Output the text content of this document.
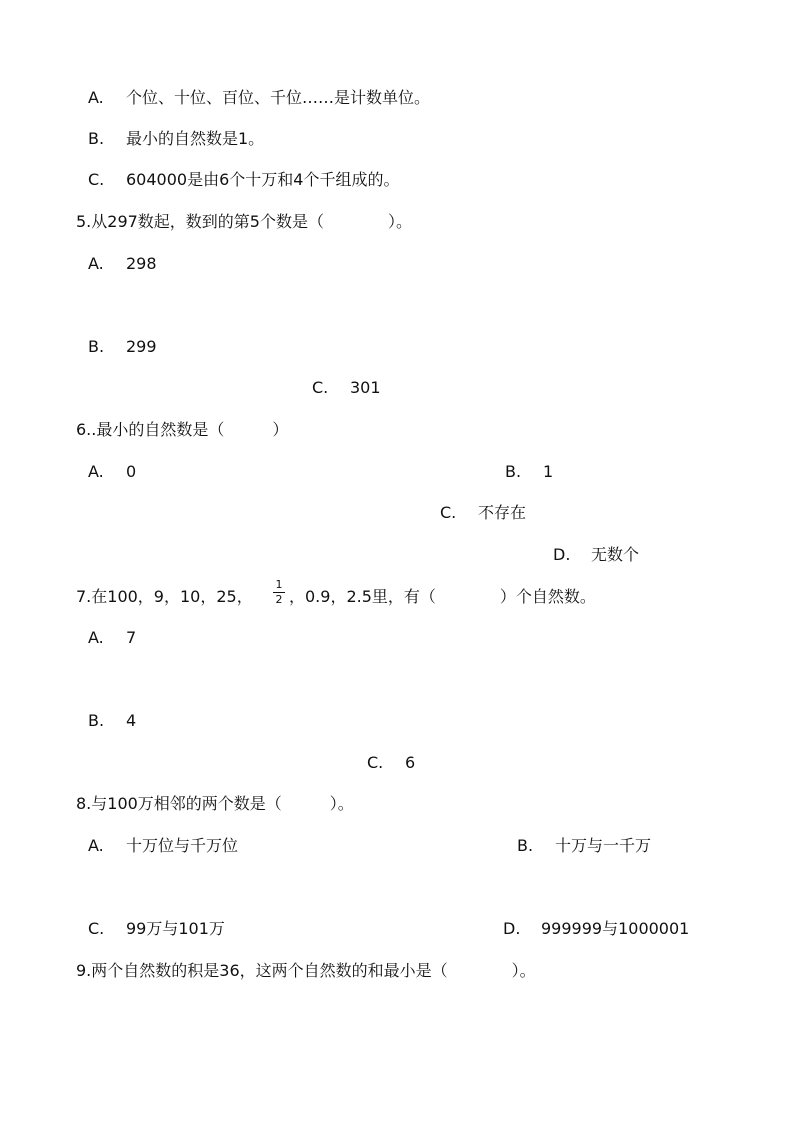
A. 个位、十位、百位、千位……是计数单位。
B. 最小的自然数是1。
C. 604000是由6个十万和4个千组成的。
5.从297数起，数到的第5个数是（　　　　）。
A. 298
B. 299
C. 301
6..最小的自然数是（　　　）
A. 0	B. 1
C. 不存在
D. 无数个
7.在100，9，10，25，
1
2 ，0.9，2.5里，有（　　　　）个自然数。
A. 7
B. 4
C. 6
8.与100万相邻的两个数是（　　　）。
A. 十万位与千万位	B. 十万与一千万
C. 99万与101万	D. 999999与1000001
9.两个自然数的积是36，这两个自然数的和最小是（　　　　）。
